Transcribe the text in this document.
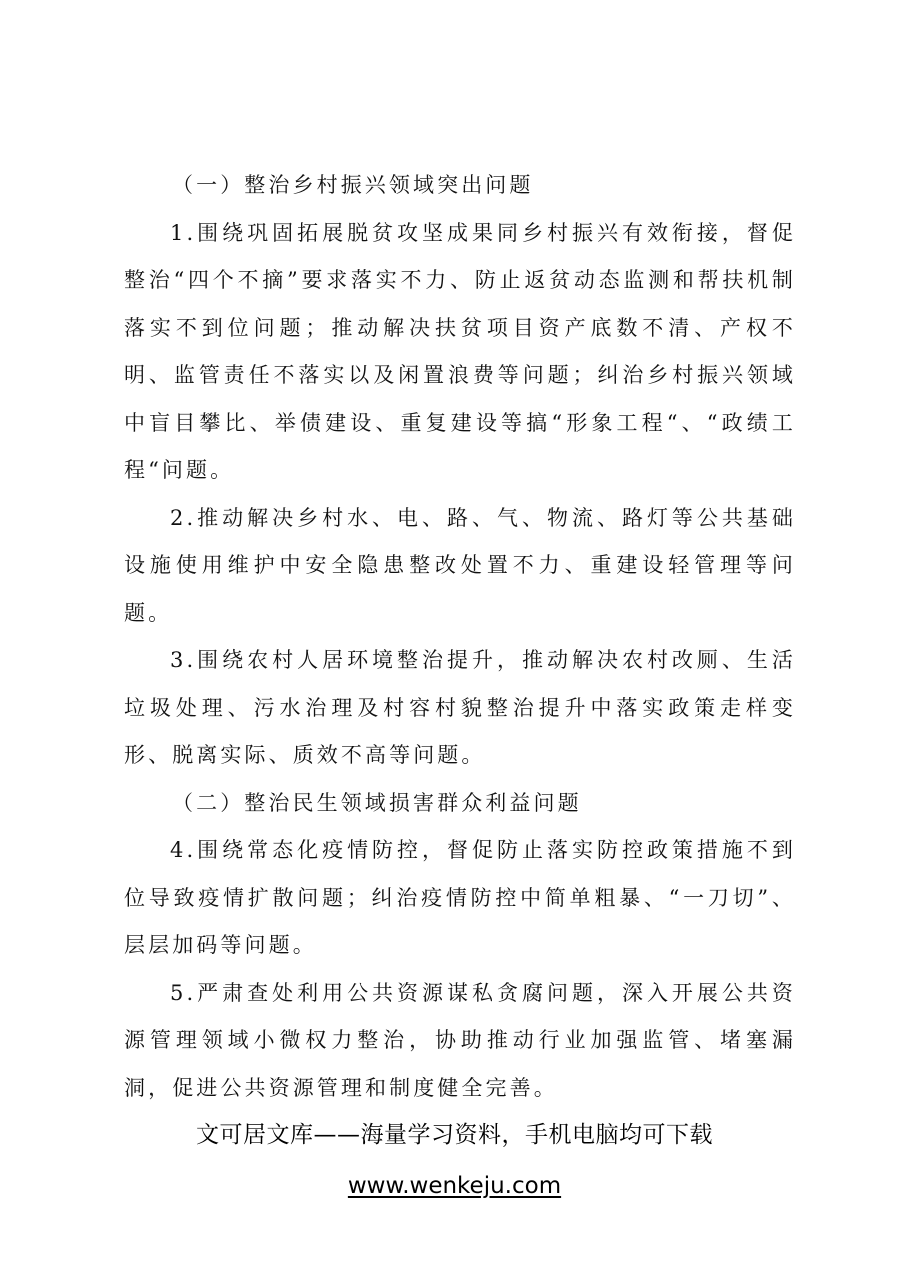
（一）整治乡村振兴领域突出问题

1.围绕巩固拓展脱贫攻坚成果同乡村振兴有效衔接，督促整治“四个不摘”要求落实不力、防止返贫动态监测和帮扶机制落实不到位问题；推动解决扶贫项目资产底数不清、产权不明、监管责任不落实以及闲置浪费等问题；纠治乡村振兴领域中盲目攀比、举债建设、重复建设等搞“形象工程“、“政绩工程“问题。

2.推动解决乡村水、电、路、气、物流、路灯等公共基础设施使用维护中安全隐患整改处置不力、重建设轻管理等问题。

3.围绕农村人居环境整治提升，推动解决农村改厕、生活垃圾处理、污水治理及村容村貌整治提升中落实政策走样变形、脱离实际、质效不高等问题。

（二）整治民生领域损害群众利益问题

4.围绕常态化疫情防控，督促防止落实防控政策措施不到位导致疫情扩散问题；纠治疫情防控中简单粗暴、“一刀切”、层层加码等问题。

5.严肃查处利用公共资源谋私贪腐问题，深入开展公共资源管理领域小微权力整治，协助推动行业加强监管、堵塞漏洞，促进公共资源管理和制度健全完善。

文可居文库——海量学习资料，手机电脑均可下载
www.wenkeju.com
